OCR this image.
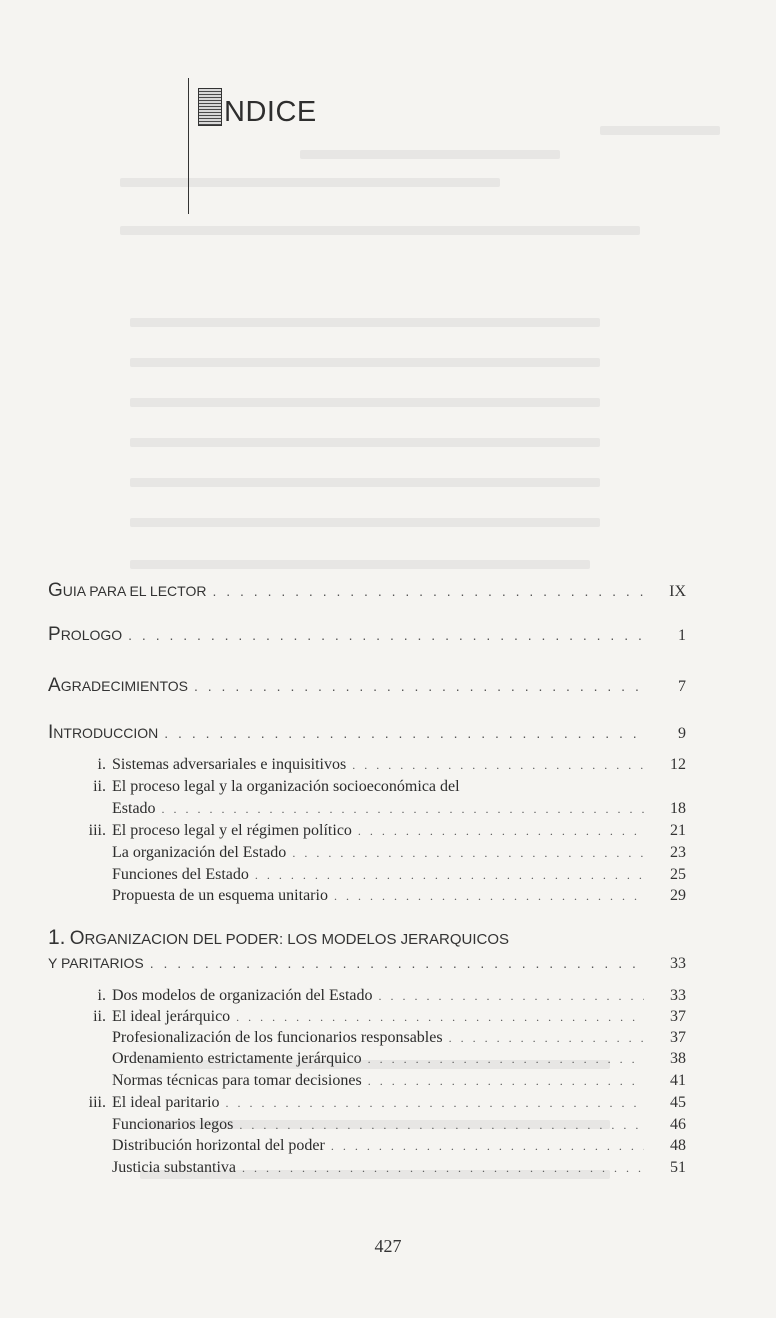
NDICE
GUIA PARA EL LECTOR . . .	IX
PROLOGO . . .	1
AGRADECIMIENTOS . . .	7
INTRODUCCION . . .	9
i. Sistemas adversariales e inquisitivos . . .	12
ii. El proceso legal y la organización socioeconómica del
Estado . . .	18
iii. El proceso legal y el régimen político . . .	21
La organización del Estado . . .	23
Funciones del Estado . . .	25
Propuesta de un esquema unitario . . .	29
1. ORGANIZACION DEL PODER: LOS MODELOS JERARQUICOS
Y PARITARIOS . . .	33
i. Dos modelos de organización del Estado . . .	33
ii. El ideal jerárquico . . .	37
Profesionalización de los funcionarios responsables . . .	37
Ordenamiento estrictamente jerárquico . . .	38
Normas técnicas para tomar decisiones . . .	41
iii. El ideal paritario . . .	45
Funcionarios legos . . .	46
Distribución horizontal del poder . . .	48
Justicia substantiva . . .	51
427
